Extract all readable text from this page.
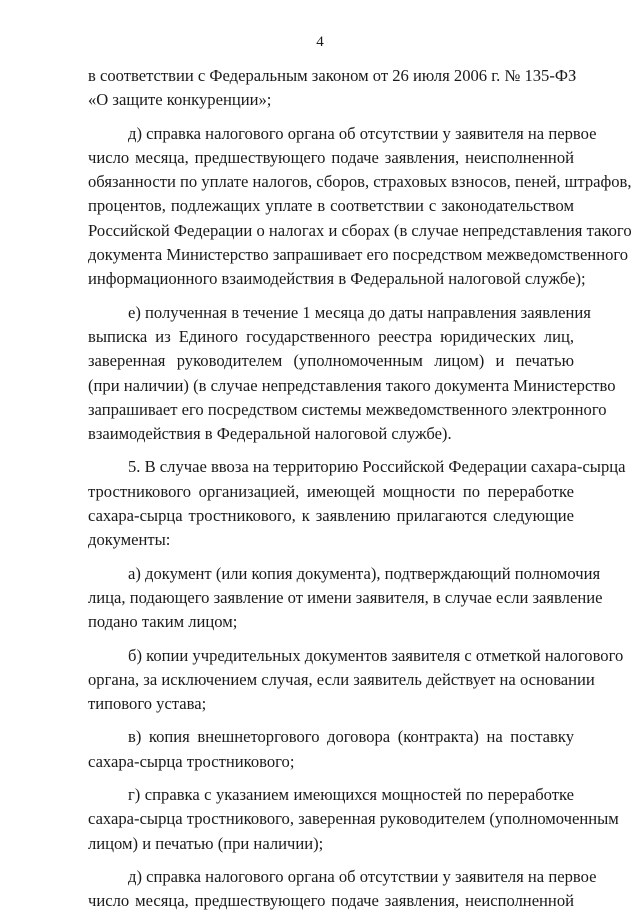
4

в соответствии с Федеральным законом от 26 июля 2006 г. № 135-ФЗ
«О защите конкуренции»;

д) справка налогового органа об отсутствии у заявителя на первое
число месяца, предшествующего подаче заявления, неисполненной
обязанности по уплате налогов, сборов, страховых взносов, пеней, штрафов,
процентов, подлежащих уплате в соответствии с законодательством
Российской Федерации о налогах и сборах (в случае непредставления такого
документа Министерство запрашивает его посредством межведомственного
информационного взаимодействия в Федеральной налоговой службе);

е) полученная в течение 1 месяца до даты направления заявления
выписка из Единого государственного реестра юридических лиц,
заверенная руководителем (уполномоченным лицом) и печатью
(при наличии) (в случае непредставления такого документа Министерство
запрашивает его посредством системы межведомственного электронного
взаимодействия в Федеральной налоговой службе).

5. В случае ввоза на территорию Российской Федерации сахара-сырца
тростникового организацией, имеющей мощности по переработке
сахара-сырца тростникового, к заявлению прилагаются следующие
документы:

а) документ (или копия документа), подтверждающий полномочия
лица, подающего заявление от имени заявителя, в случае если заявление
подано таким лицом;

б) копии учредительных документов заявителя с отметкой налогового
органа, за исключением случая, если заявитель действует на основании
типового устава;

в) копия внешнеторгового договора (контракта) на поставку
сахара-сырца тростникового;

г) справка с указанием имеющихся мощностей по переработке
сахара-сырца тростникового, заверенная руководителем (уполномоченным
лицом) и печатью (при наличии);

д) справка налогового органа об отсутствии у заявителя на первое
число месяца, предшествующего подаче заявления, неисполненной
